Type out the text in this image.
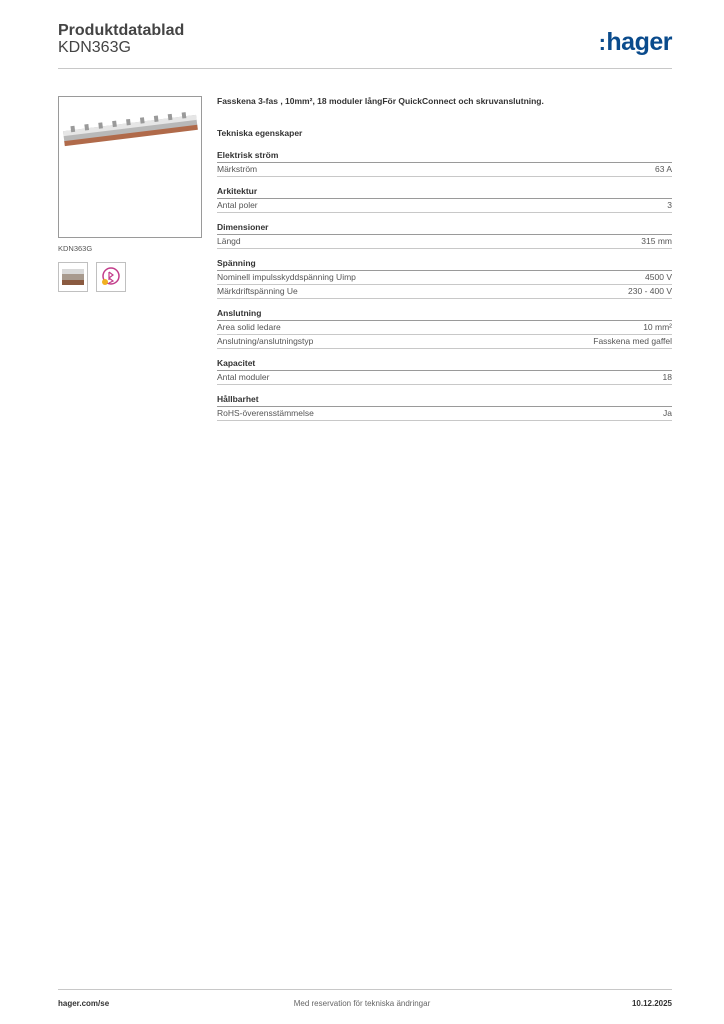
Produktdatablad
KDN363G	:hager
KDN363G
Fasskena 3-fas , 10mm², 18 moduler långFör QuickConnect och skruvanslutning.
Tekniska egenskaper
Elektrisk ström
Märkström	63 A
Arkitektur
Antal poler	3
Dimensioner
Längd	315 mm
Spänning
Nominell impulsskyddspänning Uimp	4500 V
Märkdriftspänning Ue	230 - 400 V
Anslutning
Area solid ledare	10 mm²
Anslutning/anslutningstyp	Fasskena med gaffel
Kapacitet
Antal moduler	18
Hållbarhet
RoHS-överensstämmelse	Ja
hager.com/se	Med reservation för tekniska ändringar	10.12.2025
